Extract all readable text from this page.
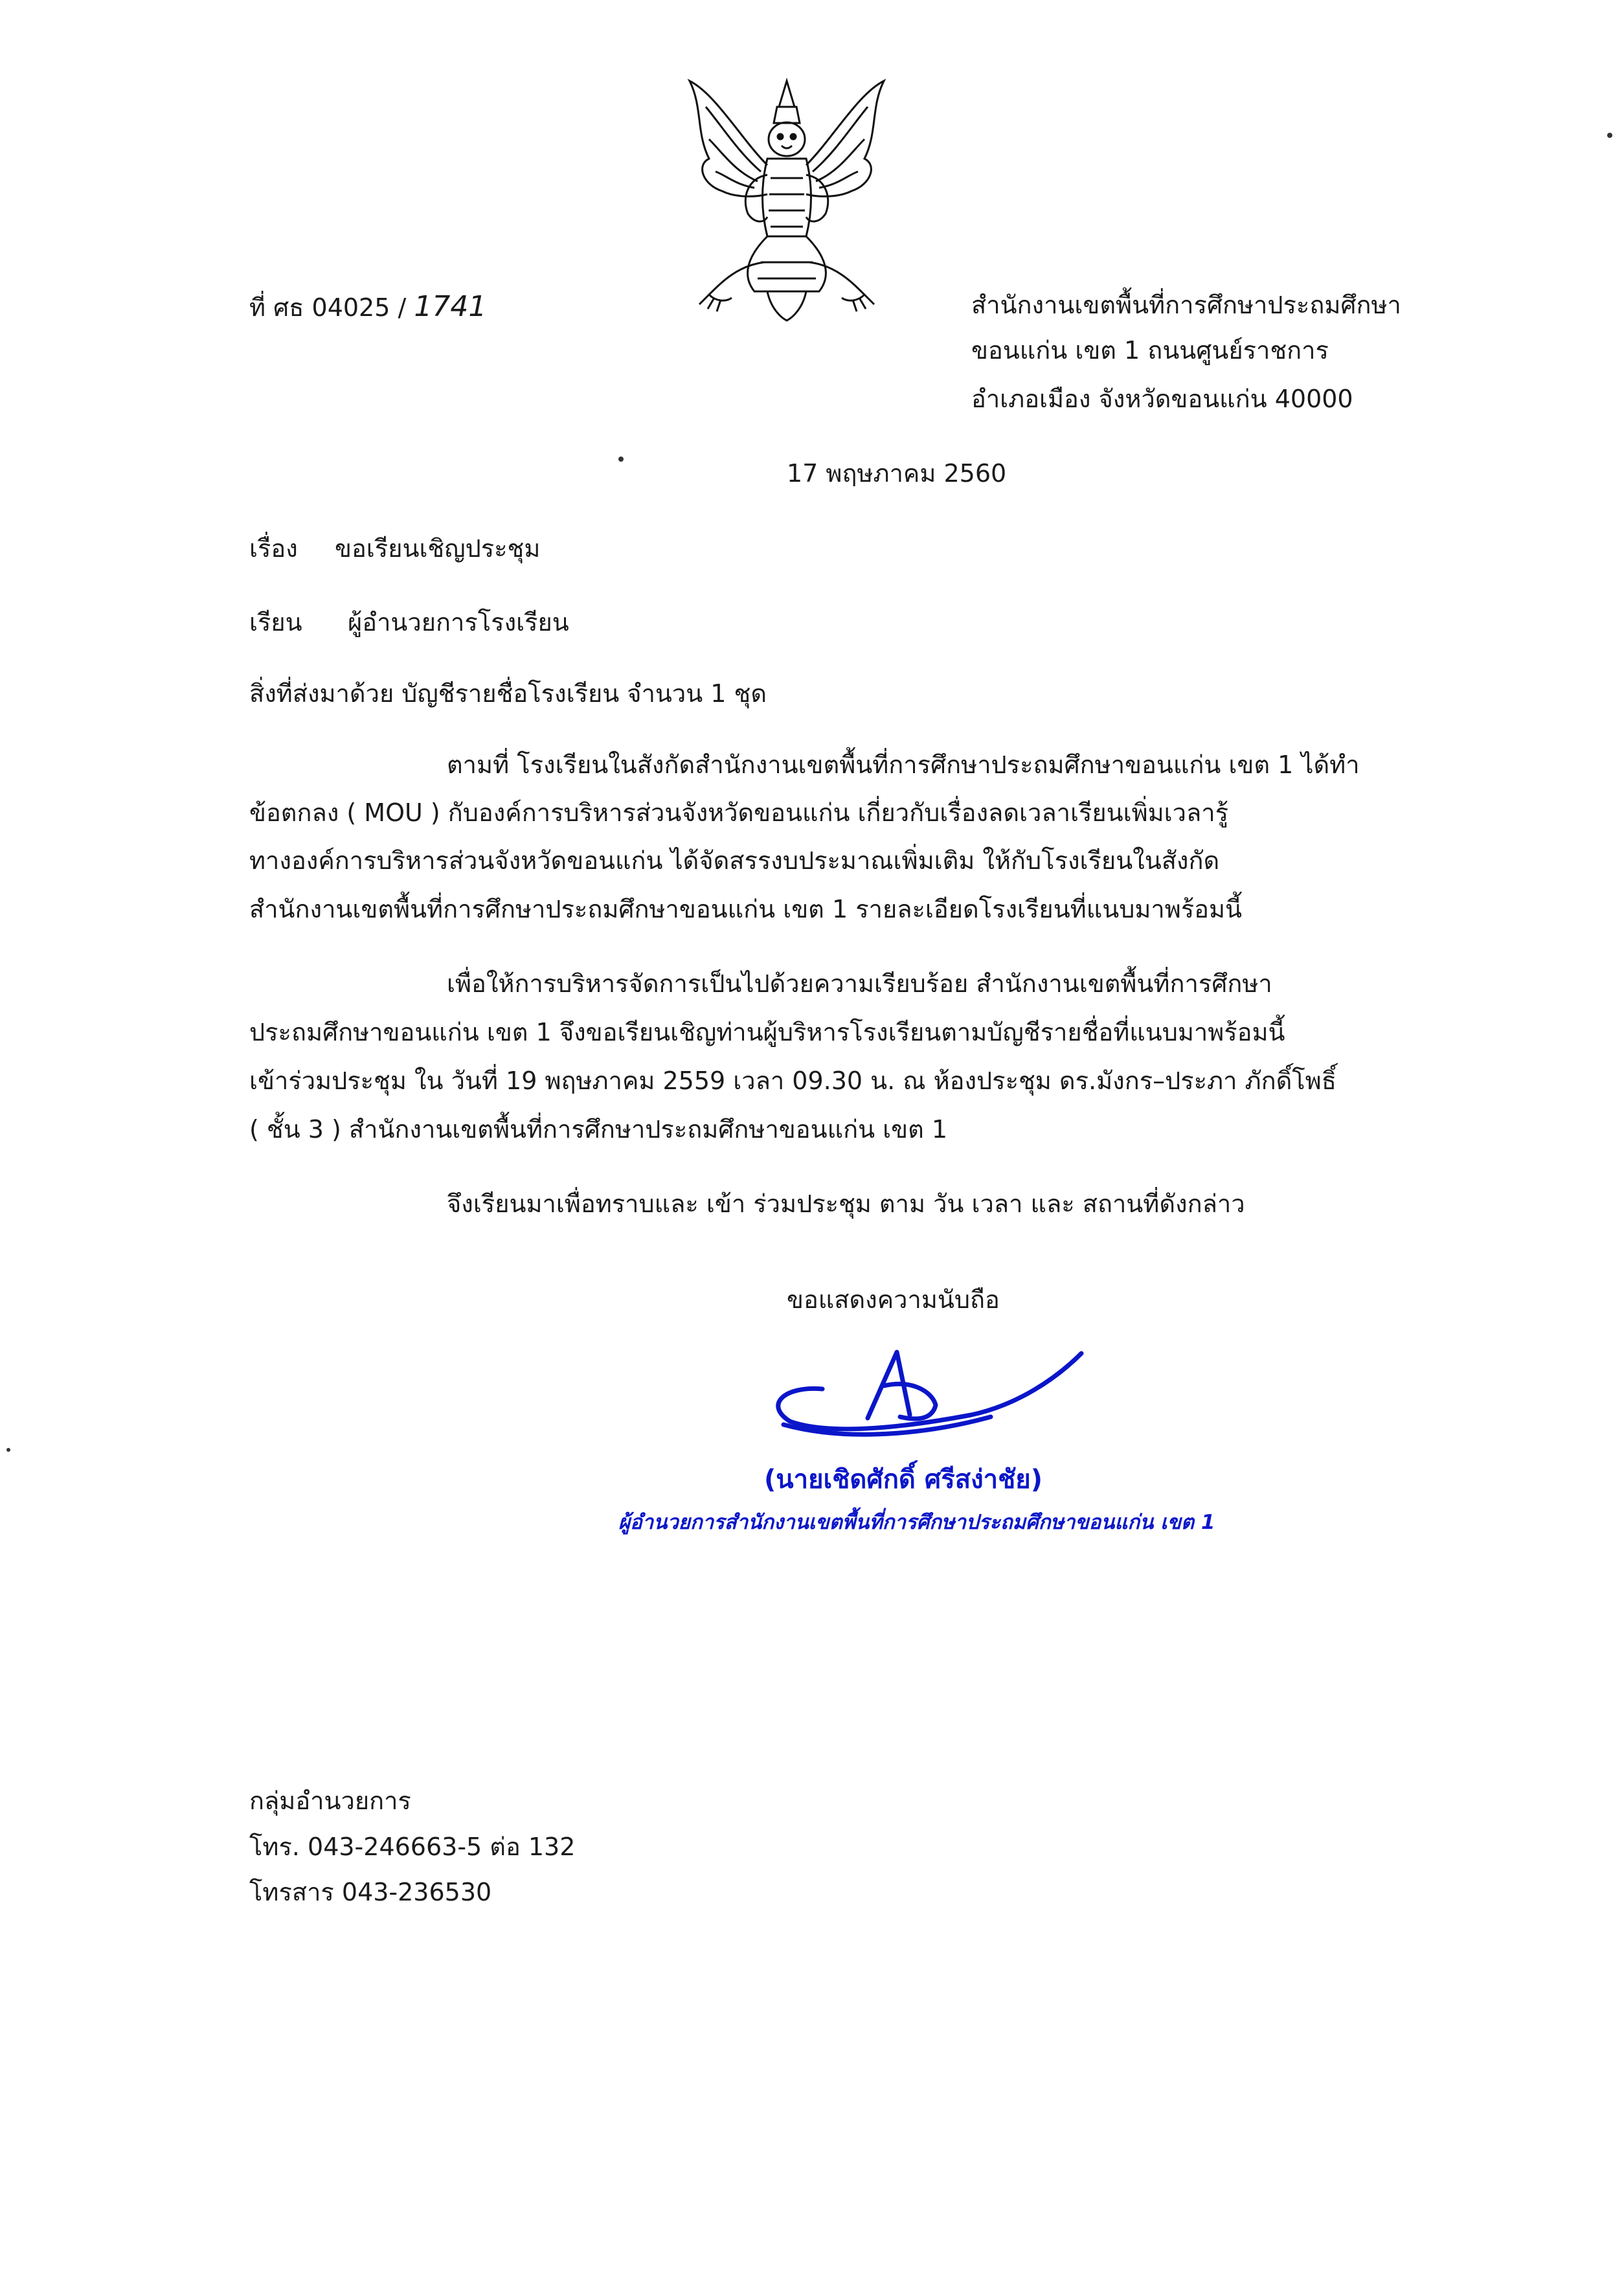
ที่ ศธ 04025 / 1741	สำนักงานเขตพื้นที่การศึกษาประถมศึกษา
ขอนแก่น เขต 1 ถนนศูนย์ราชการ
อำเภอเมือง จังหวัดขอนแก่น 40000
17 พฤษภาคม 2560
เรื่อง ขอเรียนเชิญประชุม
เรียน ผู้อำนวยการโรงเรียน
สิ่งที่ส่งมาด้วย บัญชีรายชื่อโรงเรียน จำนวน 1 ชุด
ตามที่ โรงเรียนในสังกัดสำนักงานเขตพื้นที่การศึกษาประถมศึกษาขอนแก่น เขต 1 ได้ทำ
ข้อตกลง ( MOU ) กับองค์การบริหารส่วนจังหวัดขอนแก่น เกี่ยวกับเรื่องลดเวลาเรียนเพิ่มเวลารู้
ทางองค์การบริหารส่วนจังหวัดขอนแก่น ได้จัดสรรงบประมาณเพิ่มเติม ให้กับโรงเรียนในสังกัด
สำนักงานเขตพื้นที่การศึกษาประถมศึกษาขอนแก่น เขต 1 รายละเอียดโรงเรียนที่แนบมาพร้อมนี้
เพื่อให้การบริหารจัดการเป็นไปด้วยความเรียบร้อย สำนักงานเขตพื้นที่การศึกษา
ประถมศึกษาขอนแก่น เขต 1 จึงขอเรียนเชิญท่านผู้บริหารโรงเรียนตามบัญชีรายชื่อที่แนบมาพร้อมนี้
เข้าร่วมประชุม ใน วันที่ 19 พฤษภาคม 2559 เวลา 09.30 น. ณ ห้องประชุม ดร.มังกร–ประภา ภักดิ์โพธิ์
( ชั้น 3 ) สำนักงานเขตพื้นที่การศึกษาประถมศึกษาขอนแก่น เขต 1
จึงเรียนมาเพื่อทราบและ เข้า ร่วมประชุม ตาม วัน เวลา และ สถานที่ดังกล่าว
ขอแสดงความนับถือ
(นายเชิดศักดิ์ ศรีสง่าชัย)
ผู้อำนวยการสำนักงานเขตพื้นที่การศึกษาประถมศึกษาขอนแก่น เขต 1
กลุ่มอำนวยการ
โทร. 043-246663-5 ต่อ 132
โทรสาร 043-236530
